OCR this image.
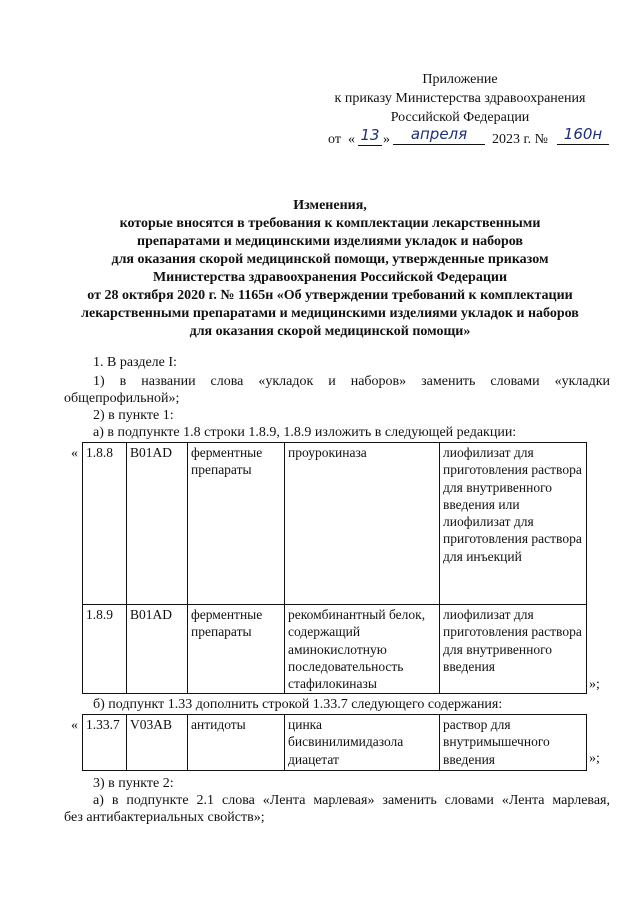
Приложение
к приказу Министерства здравоохранения
Российской Федерации
от « 13 »	апреля	2023 г. №	160н
Изменения,
которые вносятся в требования к комплектации лекарственными
препаратами и медицинскими изделиями укладок и наборов
для оказания скорой медицинской помощи, утвержденные приказом
Министерства здравоохранения Российской Федерации
от 28 октября 2020 г. № 1165н «Об утверждении требований к комплектации
лекарственными препаратами и медицинскими изделиями укладок и наборов
для оказания скорой медицинской помощи»
1. В разделе I:
1) в названии слова «укладок и наборов» заменить словами «укладки
общепрофильной»;
2) в пункте 1:
а) в подпункте 1.8 строки 1.8.9, 1.8.9 изложить в следующей редакции:
« 1.8.8	B01AD	ферментные препараты	проурокиназа	лиофилизат для приготовления раствора для внутривенного введения или лиофилизат для приготовления раствора для инъекций
1.8.9	B01AD	ферментные препараты	рекомбинантный белок, содержащий аминокислотную последовательность стафилокиназы	лиофилизат для приготовления раствора для внутривенного введения
»;
б) подпункт 1.33 дополнить строкой 1.33.7 следующего содержания:
« 1.33.7	V03AB	антидоты	цинка бисвинилимидазола диацетат	раствор для внутримышечного введения	»;
3) в пункте 2:
а) в подпункте 2.1 слова «Лента марлевая» заменить словами «Лента марлевая,
без антибактериальных свойств»;
